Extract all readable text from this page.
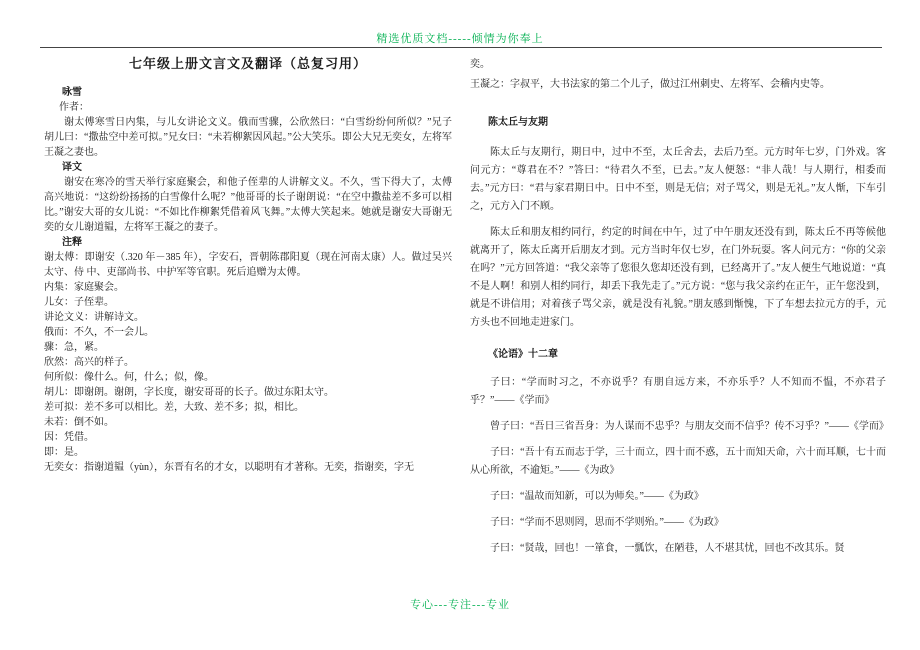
精选优质文档-----倾情为你奉上
七年级上册文言文及翻译（总复习用）

咏雪

作者：

谢太傅寒雪日内集，与儿女讲论文义。俄而雪骤，公欣然曰：“白雪纷纷何所似？”兄子胡儿曰：“撒盐空中差可拟。”兄女曰：“未若柳絮因风起。”公大笑乐。即公大兄无奕女，左将军王凝之妻也。

译文

谢安在寒冷的雪天举行家庭聚会，和他子侄辈的人讲解文义。不久，雪下得大了，太傅高兴地说：“这纷纷扬扬的白雪像什么呢？”他哥哥的长子谢朗说：“在空中撒盐差不多可以相比。”谢安大哥的女儿说：“不如比作柳絮凭借着风飞舞。”太傅大笑起来。她就是谢安大哥谢无奕的女儿谢道韫，左将军王凝之的妻子。

注释

谢太傅：即谢安（.320 年－385 年），字安石，晋朝陈郡阳夏（现在河南太康）人。做过吴兴太守、侍 中、吏部尚书、中护军等官职。死后追赠为太傅。

内集：家庭聚会。

儿女：子侄辈。

讲论文义：讲解诗文。

俄而：不久，不一会儿。

骤：急，紧。

欣然：高兴的样子。

何所似：像什么。何，什么；似，像。

胡儿：即谢朗。谢朗，字长度，谢安哥哥的长子。做过东阳太守。

差可拟：差不多可以相比。差，大致、差不多；拟，相比。

未若：倒不如。

因：凭借。

即：是。

无奕女：指谢道韫（yùn），东晋有名的才女，以聪明有才著称。无奕，指谢奕，字无

奕。

王凝之：字叔平，大书法家的第二个儿子，做过江州刺史、左将军、会稽内史等。

陈太丘与友期

陈太丘与友期行，期日中，过中不至，太丘舍去，去后乃至。元方时年七岁，门外戏。客问元方：“尊君在不？”答曰：“待君久不至，已去。”友人便怒：“非人哉！与人期行，相委而去。”元方曰：“君与家君期日中。日中不至，则是无信；对子骂父，则是无礼。”友人惭，下车引之，元方入门不顾。

陈太丘和朋友相约同行，约定的时间在中午，过了中午朋友还没有到，陈太丘不再等候他就离开了，陈太丘离开后朋友才到。元方当时年仅七岁，在门外玩耍。客人问元方：“你的父亲在吗？”元方回答道：“我父亲等了您很久您却还没有到，已经离开了。”友人便生气地说道：“真不是人啊！和别人相约同行，却丢下我先走了。”元方说：“您与我父亲约在正午，正午您没到，就是不讲信用；对着孩子骂父亲，就是没有礼貌。”朋友感到惭愧，下了车想去拉元方的手，元方头也不回地走进家门。

《论语》十二章

子曰：“学而时习之，不亦说乎？有朋自远方来，不亦乐乎？人不知而不愠，不亦君子乎？”——《学而》

曾子曰：“吾日三省吾身：为人谋而不忠乎？与朋友交而不信乎？传不习乎？”——《学而》

子曰：“吾十有五而志于学，三十而立，四十而不惑，五十而知天命，六十而耳顺，七十而从心所欲，不逾矩。”——《为政》

子曰：“温故而知新，可以为师矣。”——《为政》

子曰：“学而不思则罔，思而不学则殆。”——《为政》

子曰：“贤哉，回也！一箪食，一瓢饮，在陋巷，人不堪其忧，回也不改其乐。贤

专心---专注---专业
